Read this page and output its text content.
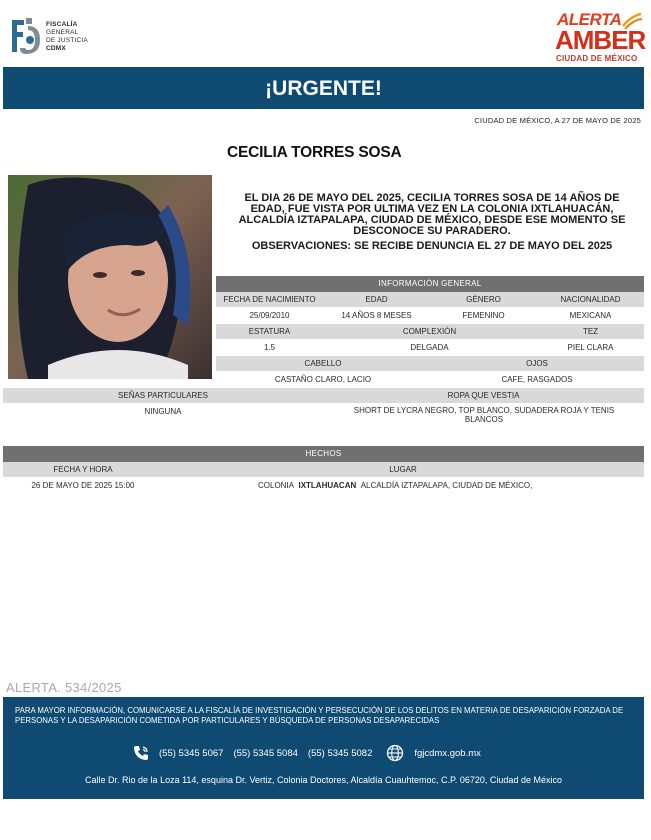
FISCALÍA
GENERAL
DE JUSTICIA
CDMX
ALERTA
AMBER
CIUDAD DE MÉXICO
¡URGENTE!
CIUDAD DE MÉXICO, A 27 DE MAYO DE 2025
CECILIA TORRES SOSA
EL DIA 26 DE MAYO DEL 2025, CECILIA TORRES SOSA DE 14 AÑOS DE EDAD, FUE VISTA POR ULTIMA VEZ EN LA COLONIA IXTLAHUACÁN, ALCALDÍA IZTAPALAPA, CIUDAD DE MÉXICO, DESDE ESE MOMENTO SE DESCONOCE SU PARADERO.
OBSERVACIONES: SE RECIBE DENUNCIA EL 27 DE MAYO DEL 2025
INFORMACIÓN GENERAL
FECHA DE NACIMIENTO	EDAD	GÉNERO	NACIONALIDAD
25/09/2010	14 AÑOS 8 MESES	FEMENINO	MEXICANA
ESTATURA	COMPLEXIÓN	TEZ
1.5	DELGADA	PIEL CLARA
CABELLO	OJOS
CASTAÑO CLARO, LACIO	CAFE, RASGADOS
SEÑAS PARTICULARES	ROPA QUE VESTIA
NINGUNA	SHORT DE LYCRA NEGRO, TOP BLANCO, SUDADERA ROJA Y TENIS BLANCOS
HECHOS
FECHA Y HORA	LUGAR
26 DE MAYO DE 2025 15:00	COLONIA IXTLAHUACAN ALCALDÍA IZTAPALAPA, CIUDAD DE MÉXICO,
ALERTA. 534/2025
PARA MAYOR INFORMACIÓN, COMUNICARSE A LA FISCALÍA DE INVESTIGACIÓN Y PERSECUCIÓN DE LOS DELITOS EN MATERIA DE DESAPARICIÓN FORZADA DE PERSONAS Y LA DESAPARICIÓN COMETIDA POR PARTICULARES Y BÚSQUEDA DE PERSONAS DESAPARECIDAS
(55) 5345 5067 (55) 5345 5084 (55) 5345 5082	fgjcdmx.gob.mx
Calle Dr. Rio de la Loza 114, esquina Dr. Vertiz, Colonia Doctores, Alcaldía Cuauhtemoc, C.P. 06720, Ciudad de México
